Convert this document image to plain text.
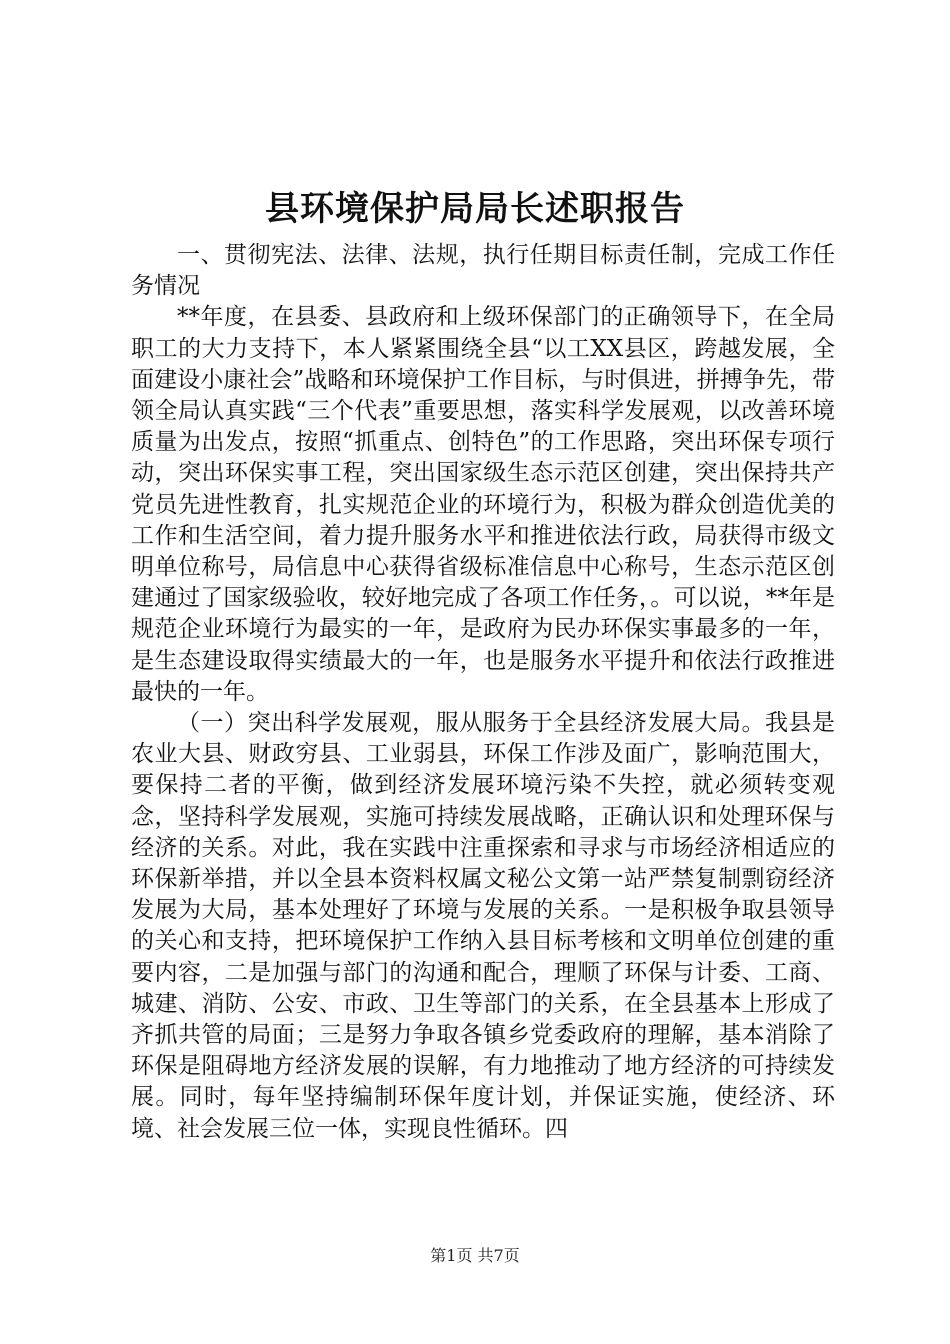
县环境保护局局长述职报告

一、贯彻宪法、法律、法规，执行任期目标责任制，完成工作任务情况

**年度，在县委、县政府和上级环保部门的正确领导下，在全局职工的大力支持下，本人紧紧围绕全县“以工XX县区，跨越发展，全面建设小康社会”战略和环境保护工作目标，与时俱进，拼搏争先，带领全局认真实践“三个代表”重要思想，落实科学发展观，以改善环境质量为出发点，按照“抓重点、创特色”的工作思路，突出环保专项行动，突出环保实事工程，突出国家级生态示范区创建，突出保持共产党员先进性教育，扎实规范企业的环境行为，积极为群众创造优美的工作和生活空间，着力提升服务水平和推进依法行政，局获得市级文明单位称号，局信息中心获得省级标准信息中心称号，生态示范区创建通过了国家级验收，较好地完成了各项工作任务，。可以说，**年是规范企业环境行为最实的一年，是政府为民办环保实事最多的一年，是生态建设取得实绩最大的一年，也是服务水平提升和依法行政推进最快的一年。

（一）突出科学发展观，服从服务于全县经济发展大局。我县是农业大县、财政穷县、工业弱县，环保工作涉及面广，影响范围大，要保持二者的平衡，做到经济发展环境污染不失控，就必须转变观念，坚持科学发展观，实施可持续发展战略，正确认识和处理环保与经济的关系。对此，我在实践中注重探索和寻求与市场经济相适应的环保新举措，并以全县本资料权属文秘公文第一站严禁复制剽窃经济发展为大局，基本处理好了环境与发展的关系。一是积极争取县领导的关心和支持，把环境保护工作纳入县目标考核和文明单位创建的重要内容，二是加强与部门的沟通和配合，理顺了环保与计委、工商、城建、消防、公安、市政、卫生等部门的关系，在全县基本上形成了齐抓共管的局面；三是努力争取各镇乡党委政府的理解，基本消除了环保是阻碍地方经济发展的误解，有力地推动了地方经济的可持续发展。同时，每年坚持编制环保年度计划，并保证实施，使经济、环境、社会发展三位一体，实现良性循环。四

第1页 共7页
